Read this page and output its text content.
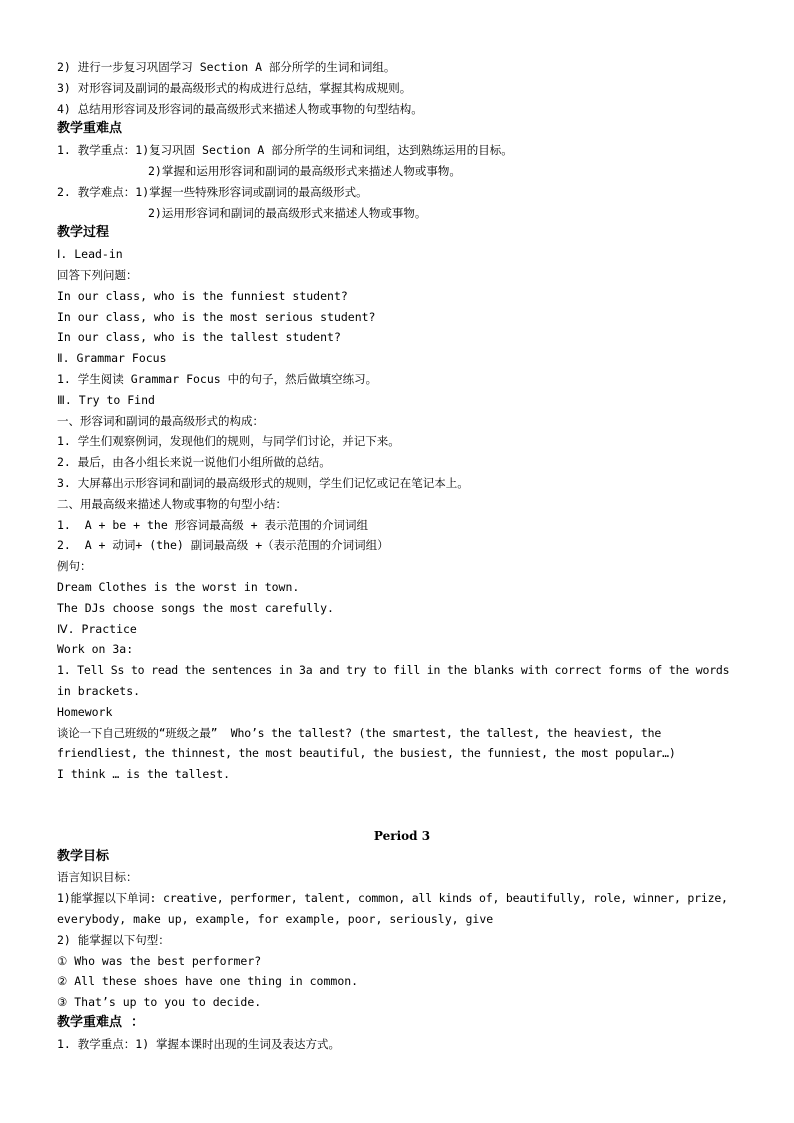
2) 进行一步复习巩固学习 Section A 部分所学的生词和词组。
3) 对形容词及副词的最高级形式的构成进行总结，掌握其构成规则。
4) 总结用形容词及形容词的最高级形式来描述人物或事物的句型结构。
教学重难点
1. 教学重点：1)复习巩固 Section A 部分所学的生词和词组，达到熟练运用的目标。
2)掌握和运用形容词和副词的最高级形式来描述人物或事物。
2. 教学难点：1)掌握一些特殊形容词或副词的最高级形式。
2)运用形容词和副词的最高级形式来描述人物或事物。
教学过程
Ⅰ. Lead-in
回答下列问题：
In our class, who is the funniest student?
In our class, who is the most serious student?
In our class, who is the tallest student?
Ⅱ. Grammar Focus
1. 学生阅读 Grammar Focus 中的句子，然后做填空练习。
Ⅲ. Try to Find
一、形容词和副词的最高级形式的构成：
1. 学生们观察例词，发现他们的规则，与同学们讨论，并记下来。
2. 最后，由各小组长来说一说他们小组所做的总结。
3. 大屏幕出示形容词和副词的最高级形式的规则，学生们记忆或记在笔记本上。
二、用最高级来描述人物或事物的句型小结：
1.  A + be + the 形容词最高级 + 表示范围的介词词组
2.  A + 动词+ (the) 副词最高级 +（表示范围的介词词组）
例句：
Dream Clothes is the worst in town.
The DJs choose songs the most carefully.
Ⅳ. Practice
Work on 3a:
1. Tell Ss to read the sentences in 3a and try to fill in the blanks with correct forms of the words
in brackets.
Homework
谈论一下自己班级的“班级之最”  Who’s the tallest? (the smartest, the tallest, the heaviest, the
friendliest, the thinnest, the most beautiful, the busiest, the funniest, the most popular…)
I think … is the tallest.
Period 3
教学目标
语言知识目标：
1)能掌握以下单词: creative, performer, talent, common, all kinds of, beautifully, role, winner, prize,
everybody, make up, example, for example, poor, seriously, give
2) 能掌握以下句型：
① Who was the best performer?
② All these shoes have one thing in common.
③ That’s up to you to decide.
教学重难点  ：
1. 教学重点：1) 掌握本课时出现的生词及表达方式。
